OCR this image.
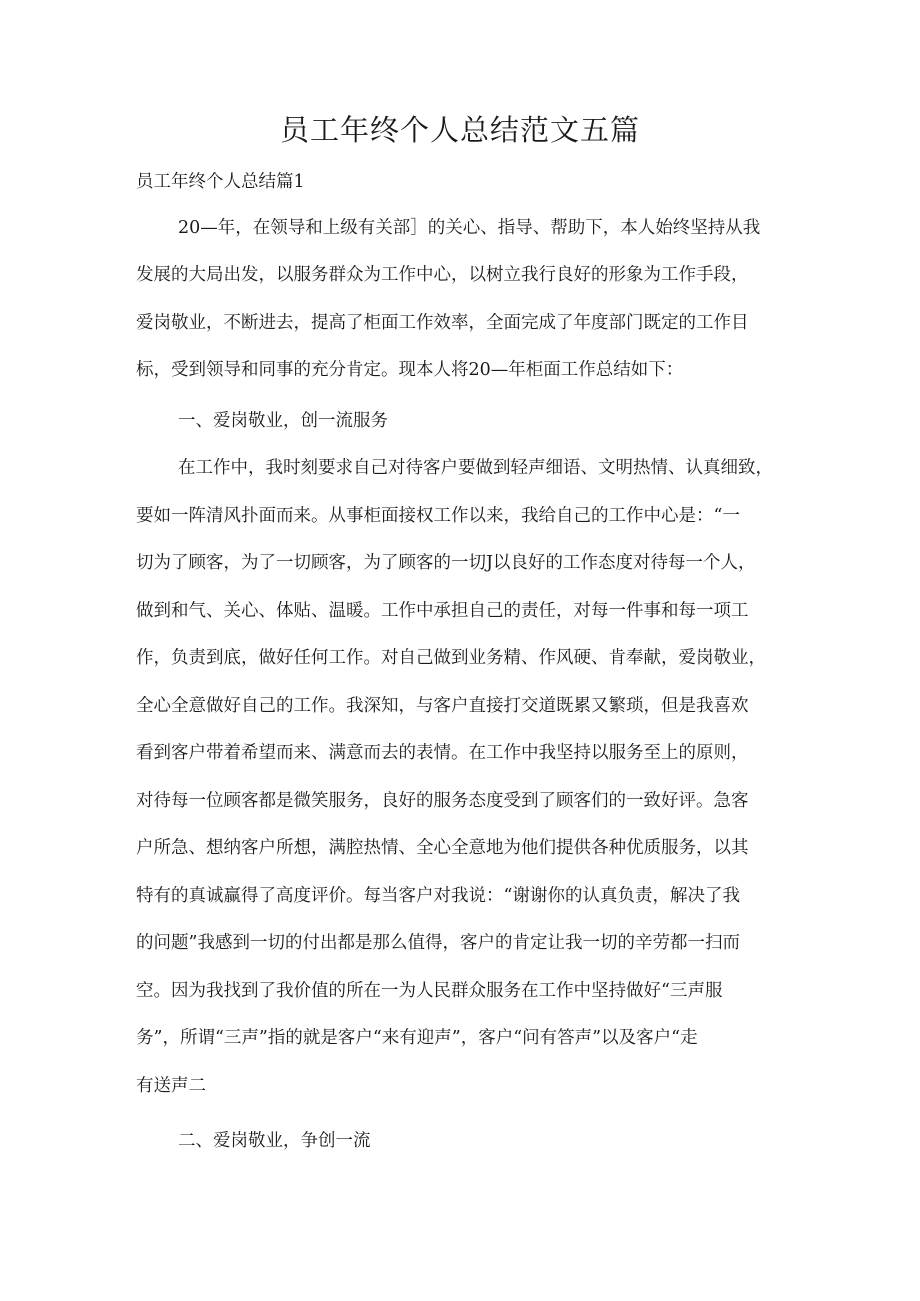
员工年终个人总结范文五篇

员工年终个人总结篇1

20—年，在领导和上级有关部］的关心、指导、帮助下，本人始终坚持从我

发展的大局出发，以服务群众为工作中心，以树立我行良好的形象为工作手段，

爱岗敬业，不断进去，提高了柜面工作效率，全面完成了年度部门既定的工作目

标，受到领导和同事的充分肯定。现本人将20—年柜面工作总结如下：

一、爱岗敬业，创一流服务

在工作中，我时刻要求自己对待客户要做到轻声细语、文明热情、认真细致，

要如一阵清风扑面而来。从事柜面接权工作以来，我给自己的工作中心是：“一

切为了顾客，为了一切顾客，为了顾客的一切J以良好的工作态度对待每一个人，

做到和气、关心、体贴、温暖。工作中承担自己的责任，对每一件事和每一项工

作，负责到底，做好任何工作。对自己做到业务精、作风硬、肯奉献，爱岗敬业，

全心全意做好自己的工作。我深知，与客户直接打交道既累又繁琐，但是我喜欢

看到客户带着希望而来、满意而去的表情。在工作中我坚持以服务至上的原则，

对待每一位顾客都是微笑服务，良好的服务态度受到了顾客们的一致好评。急客

户所急、想纳客户所想，满腔热情、全心全意地为他们提供各种优质服务，以其

特有的真诚赢得了高度评价。每当客户对我说：“谢谢你的认真负责，解决了我

的问题”我感到一切的付出都是那么值得，客户的肯定让我一切的辛劳都一扫而

空。因为我找到了我价值的所在一为人民群众服务在工作中坚持做好“三声服

务”，所谓“三声”指的就是客户“来有迎声”，客户“问有答声”以及客户“走

有送声二

二、爱岗敬业，争创一流
